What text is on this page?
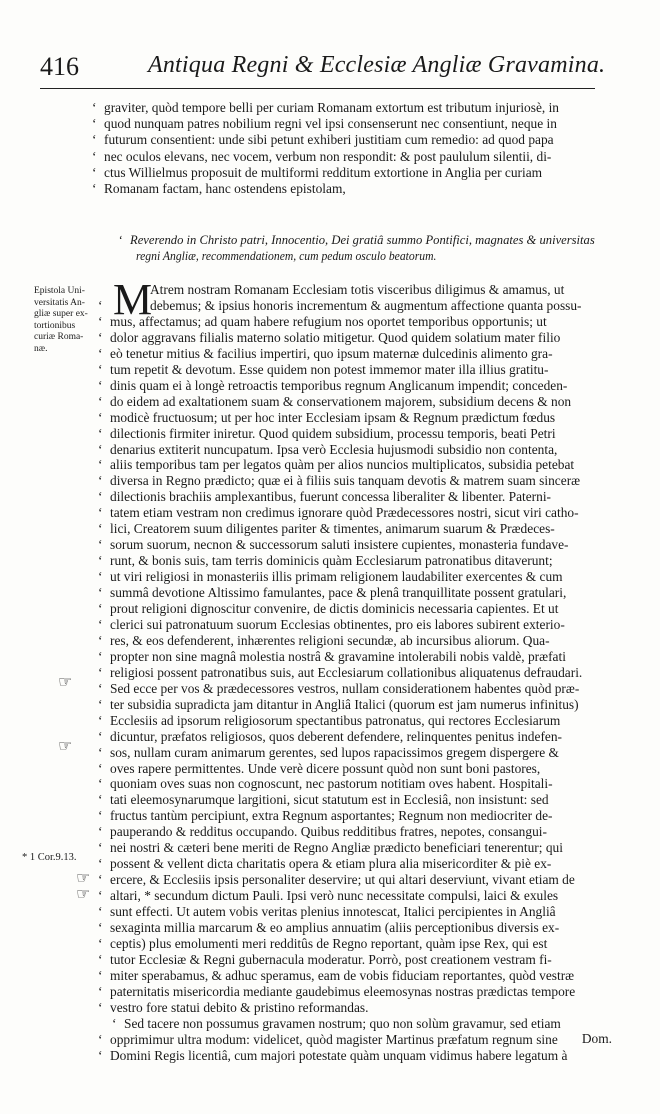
416	Antiqua Regni & Ecclesiæ Angliæ Gravamina.
‘ graviter, quòd tempore belli per curiam Romanam extortum est tributum injuriosè, in
‘ quod nunquam patres nobilium regni vel ipsi consenserunt nec consentiunt, neque in
‘ futurum consentient: unde sibi petunt exhiberi justitiam cum remedio: ad quod papa
‘ nec oculos elevans, nec vocem, verbum non respondit: & post paululum silentii, di-
‘ ctus Willielmus proposuit de multiformi redditum extortione in Anglia per curiam
‘ Romanam factam, hanc ostendens epistolam,
‘ Reverendo in Christo patri, Innocentio, Dei gratiâ summo Pontifici, magnates & universitas
regni Angliæ, recommendationem, cum pedum osculo beatorum.
Epistola Uni-
versitatis An-
gliæ super ex-
tortionibus
curiæ Roma-
næ.
M
Atrem nostram Romanam Ecclesiam totis visceribus diligimus & amamus, ut
debemus; & ipsius honoris incrementum & augmentum affectione quanta possu-
‘
‘ mus, affectamus; ad quam habere refugium nos oportet temporibus opportunis; ut
‘ dolor aggravans filialis materno solatio mitigetur. Quod quidem solatium mater filio
‘ eò tenetur mitius & facilius impertiri, quo ipsum maternæ dulcedinis alimento gra-
‘ tum repetit & devotum. Esse quidem non potest immemor mater illa illius gratitu-
‘ dinis quam ei à longè retroactis temporibus regnum Anglicanum impendit; conceden-
‘ do eidem ad exaltationem suam & conservationem majorem, subsidium decens & non
‘ modicè fructuosum; ut per hoc inter Ecclesiam ipsam & Regnum prædictum fœdus
‘ dilectionis firmiter iniretur. Quod quidem subsidium, processu temporis, beati Petri
‘ denarius extiterit nuncupatum. Ipsa verò Ecclesia hujusmodi subsidio non contenta,
‘ aliis temporibus tam per legatos quàm per alios nuncios multiplicatos, subsidia petebat
‘ diversa in Regno prædicto; quæ ei à filiis suis tanquam devotis & matrem suam sinceræ
‘ dilectionis brachiis amplexantibus, fuerunt concessa liberaliter & libenter. Paterni-
‘ tatem etiam vestram non credimus ignorare quòd Prædecessores nostri, sicut viri catho-
‘ lici, Creatorem suum diligentes pariter & timentes, animarum suarum & Prædeces-
‘ sorum suorum, necnon & successorum saluti insistere cupientes, monasteria fundave-
‘ runt, & bonis suis, tam terris dominicis quàm Ecclesiarum patronatibus ditaverunt;
‘ ut viri religiosi in monasteriis illis primam religionem laudabiliter exercentes & cum
‘ summâ devotione Altissimo famulantes, pace & plenâ tranquillitate possent gratulari,
‘ prout religioni dignoscitur convenire, de dictis dominicis necessaria capientes. Et ut
‘ clerici sui patronatuum suorum Ecclesias obtinentes, pro eis labores subirent exterio-
‘ res, & eos defenderent, inhærentes religioni secundæ, ab incursibus aliorum. Qua-
‘ propter non sine magnâ molestia nostrâ & gravamine intolerabili nobis valdè, præfati
‘ religiosi possent patronatibus suis, aut Ecclesiarum collationibus aliquatenus defraudari.
‘ Sed ecce per vos & prædecessores vestros, nullam considerationem habentes quòd præ-
‘ ter subsidia supradicta jam ditantur in Angliâ Italici (quorum est jam numerus infinitus)
‘ Ecclesiis ad ipsorum religiosorum spectantibus patronatus, qui rectores Ecclesiarum
‘ dicuntur, præfatos religiosos, quos deberent defendere, relinquentes penitus indefen-
‘ sos, nullam curam animarum gerentes, sed lupos rapacissimos gregem dispergere &
‘ oves rapere permittentes. Unde verè dicere possunt quòd non sunt boni pastores,
‘ quoniam oves suas non cognoscunt, nec pastorum notitiam oves habent. Hospitali-
‘ tati eleemosynarumque largitioni, sicut statutum est in Ecclesiâ, non insistunt: sed
‘ fructus tantùm percipiunt, extra Regnum asportantes; Regnum non mediocriter de-
‘ pauperando & redditus occupando. Quibus redditibus fratres, nepotes, consangui-
‘ nei nostri & cæteri bene meriti de Regno Angliæ prædicto beneficiari tenerentur; qui
‘ possent & vellent dicta charitatis opera & etiam plura alia misericorditer & piè ex-
‘ ercere, & Ecclesiis ipsis personaliter deservire; ut qui altari deserviunt, vivant etiam de
‘ altari, * secundum dictum Pauli. Ipsi verò nunc necessitate compulsi, laici & exules
‘ sunt effecti. Ut autem vobis veritas plenius innotescat, Italici percipientes in Angliâ
‘ sexaginta millia marcarum & eo amplius annuatim (aliis perceptionibus diversis ex-
‘ ceptis) plus emolumenti meri redditûs de Regno reportant, quàm ipse Rex, qui est
‘ tutor Ecclesiæ & Regni gubernacula moderatur. Porrò, post creationem vestram fi-
‘ miter sperabamus, & adhuc speramus, eam de vobis fiduciam reportantes, quòd vestræ
‘ paternitatis misericordia mediante gaudebimus eleemosynas nostras prædictas tempore
‘ vestro fore statui debito & pristino reformandas.
‘ Sed tacere non possumus gravamen nostrum; quo non solùm gravamur, sed etiam
‘ opprimimur ultra modum: videlicet, quòd magister Martinus præfatum regnum sine
‘ Domini Regis licentiâ, cum majori potestate quàm unquam vidimus habere legatum à
☞
☞
☞
☞
* 1 Cor.9.13.
Dom.
